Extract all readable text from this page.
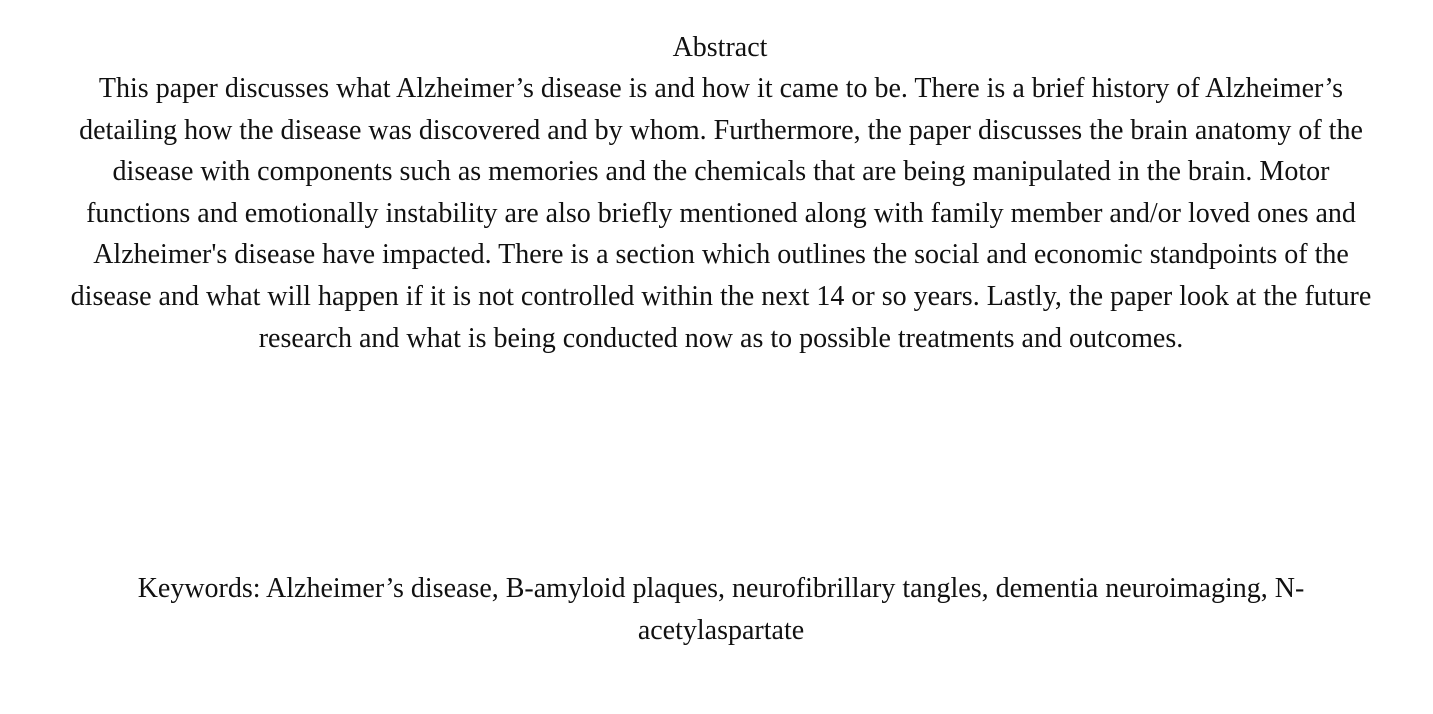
Abstract

This paper discusses what Alzheimer’s disease is and how it came to be. There is a brief history of Alzheimer’s detailing how the disease was discovered and by whom. Furthermore, the paper discusses the brain anatomy of the disease with components such as memories and the chemicals that are being manipulated in the brain. Motor functions and emotionally instability are also briefly mentioned along with family member and/or loved ones and Alzheimer's disease have impacted. There is a section which outlines the social and economic standpoints of the disease and what will happen if it is not controlled within the next 14 or so years. Lastly, the paper look at the future research and what is being conducted now as to possible treatments and outcomes.

Keywords: Alzheimer’s disease, B-amyloid plaques, neurofibrillary tangles, dementia neuroimaging, N-acetylaspartate
